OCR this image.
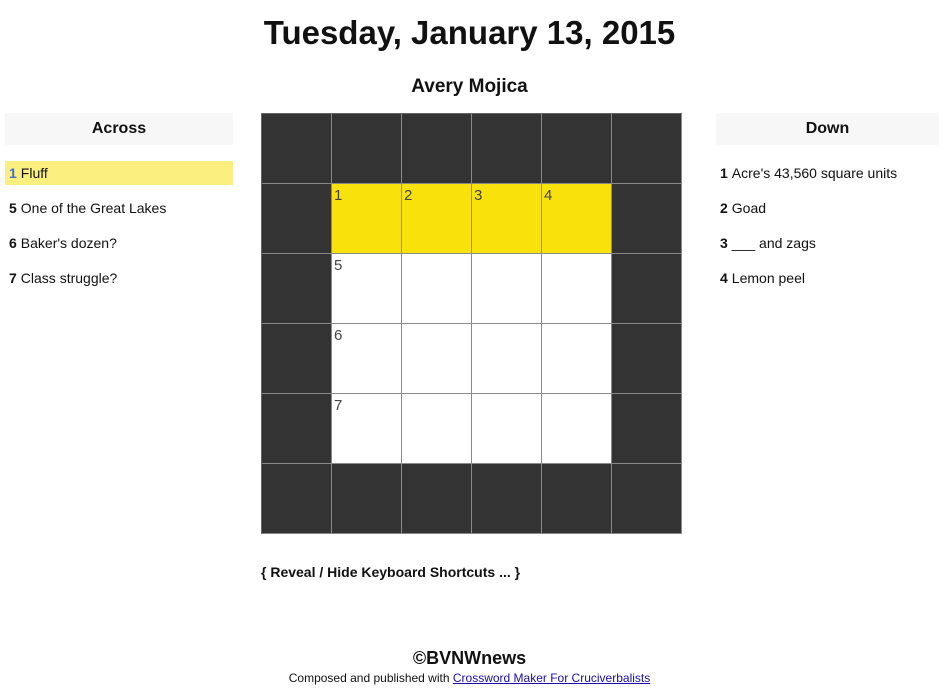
Tuesday, January 13, 2015
Avery Mojica
Across
1 Fluff
5 One of the Great Lakes
6 Baker's dozen?
7 Class struggle?
1	2	3	4
5
6
7
Down
1 Acre's 43,560 square units
2 Goad
3 ___ and zags
4 Lemon peel
{ Reveal / Hide Keyboard Shortcuts ... }
©BVNWnews
Composed and published with Crossword Maker For Cruciverbalists
